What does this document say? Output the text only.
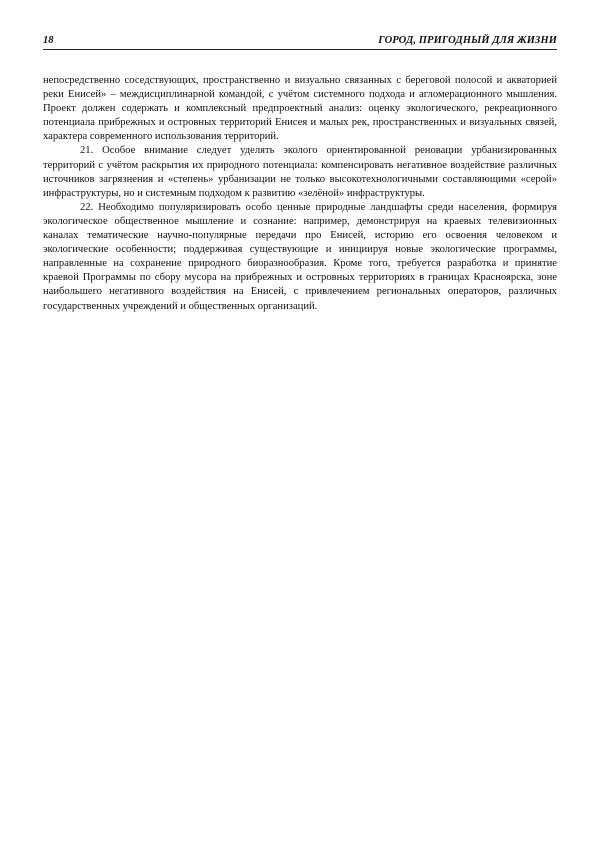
18	ГОРОД, ПРИГОДНЫЙ ДЛЯ ЖИЗНИ

непосредственно соседствующих, пространственно и визуально связанных с береговой полосой и акваторией реки Енисей» – междисциплинарной командой, с учётом системного подхода и агломерационного мышления. Проект должен содержать и комплексный предпроектный анализ: оценку экологического, рекреационного потенциала прибрежных и островных территорий Енисея и малых рек, пространственных и визуальных связей, характера современного использования территорий.

21. Особое внимание следует уделять эколого ориентированной реновации урбанизированных территорий с учётом раскрытия их природного потенциала: компенсировать негативное воздействие различных источников загрязнения и «степень» урбанизации не только высокотехнологичными составляющими «серой» инфраструктуры, но и системным подходом к развитию «зелёной» инфраструктуры.

22. Необходимо популяризировать особо ценные природные ландшафты среди населения, формируя экологическое общественное мышление и сознание: например, демонстрируя на краевых телевизионных каналах тематические научно-популярные передачи про Енисей, историю его освоения человеком и экологические особенности; поддерживая существующие и инициируя новые экологические программы, направленные на сохранение природного биоразнообразия. Кроме того, требуется разработка и принятие краевой Программы по сбору мусора на прибрежных и островных территориях в границах Красноярска, зоне наибольшего негативного воздействия на Енисей, с привлечением региональных операторов, различных государственных учреждений и общественных организаций.
